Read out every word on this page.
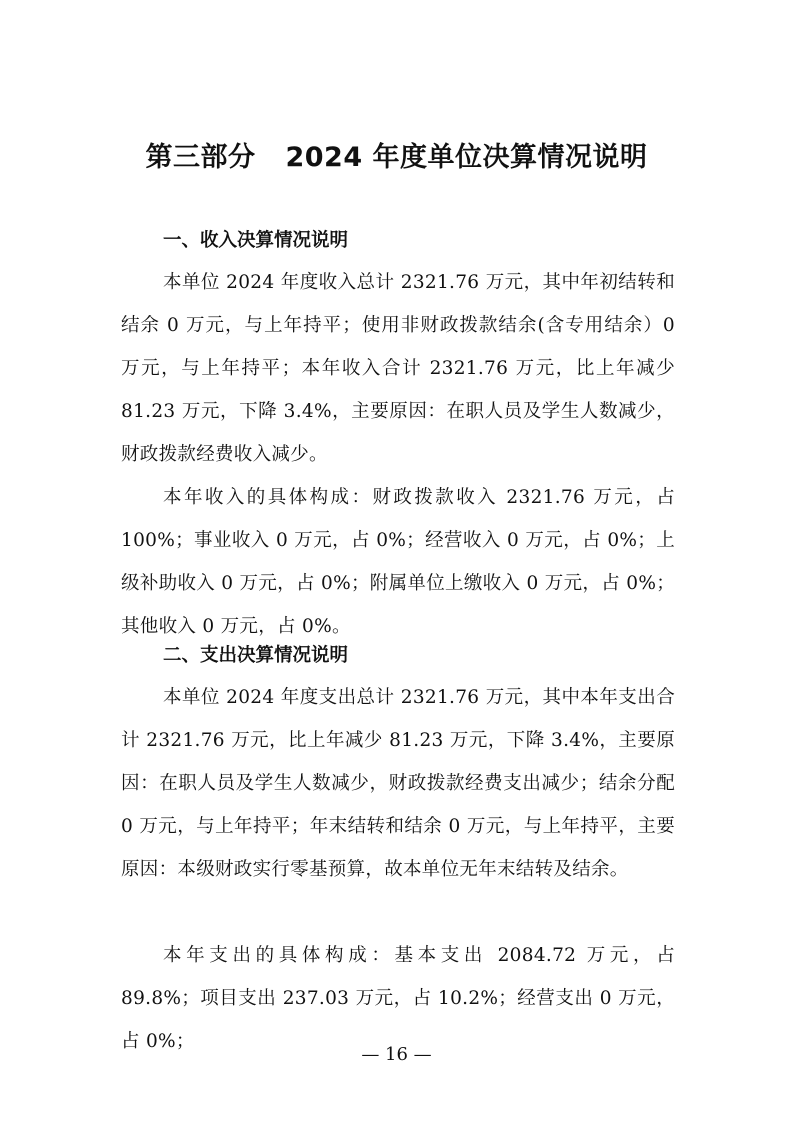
第三部分 2024 年度单位决算情况说明
一、收入决算情况说明
本单位 2024 年度收入总计 2321.76 万元，其中年初结转和结余 0 万元，与上年持平；使用非财政拨款结余(含专用结余）0 万元，与上年持平；本年收入合计 2321.76 万元，比上年减少 81.23 万元，下降 3.4%，主要原因：在职人员及学生人数减少，财政拨款经费收入减少。
本年收入的具体构成：财政拨款收入 2321.76 万元，占 100%；事业收入 0 万元，占 0%；经营收入 0 万元，占 0%；上级补助收入 0 万元，占 0%；附属单位上缴收入 0 万元，占 0%；其他收入 0 万元，占 0%。
二、支出决算情况说明
本单位 2024 年度支出总计 2321.76 万元，其中本年支出合计 2321.76 万元，比上年减少 81.23 万元，下降 3.4%，主要原因：在职人员及学生人数减少，财政拨款经费支出减少；结余分配 0 万元，与上年持平；年末结转和结余 0 万元，与上年持平，主要原因：本级财政实行零基预算，故本单位无年末结转及结余。
本年支出的具体构成：基本支出 2084.72 万元，占 89.8%；项目支出 237.03 万元，占 10.2%；经营支出 0 万元，占 0%；
— 16 —
